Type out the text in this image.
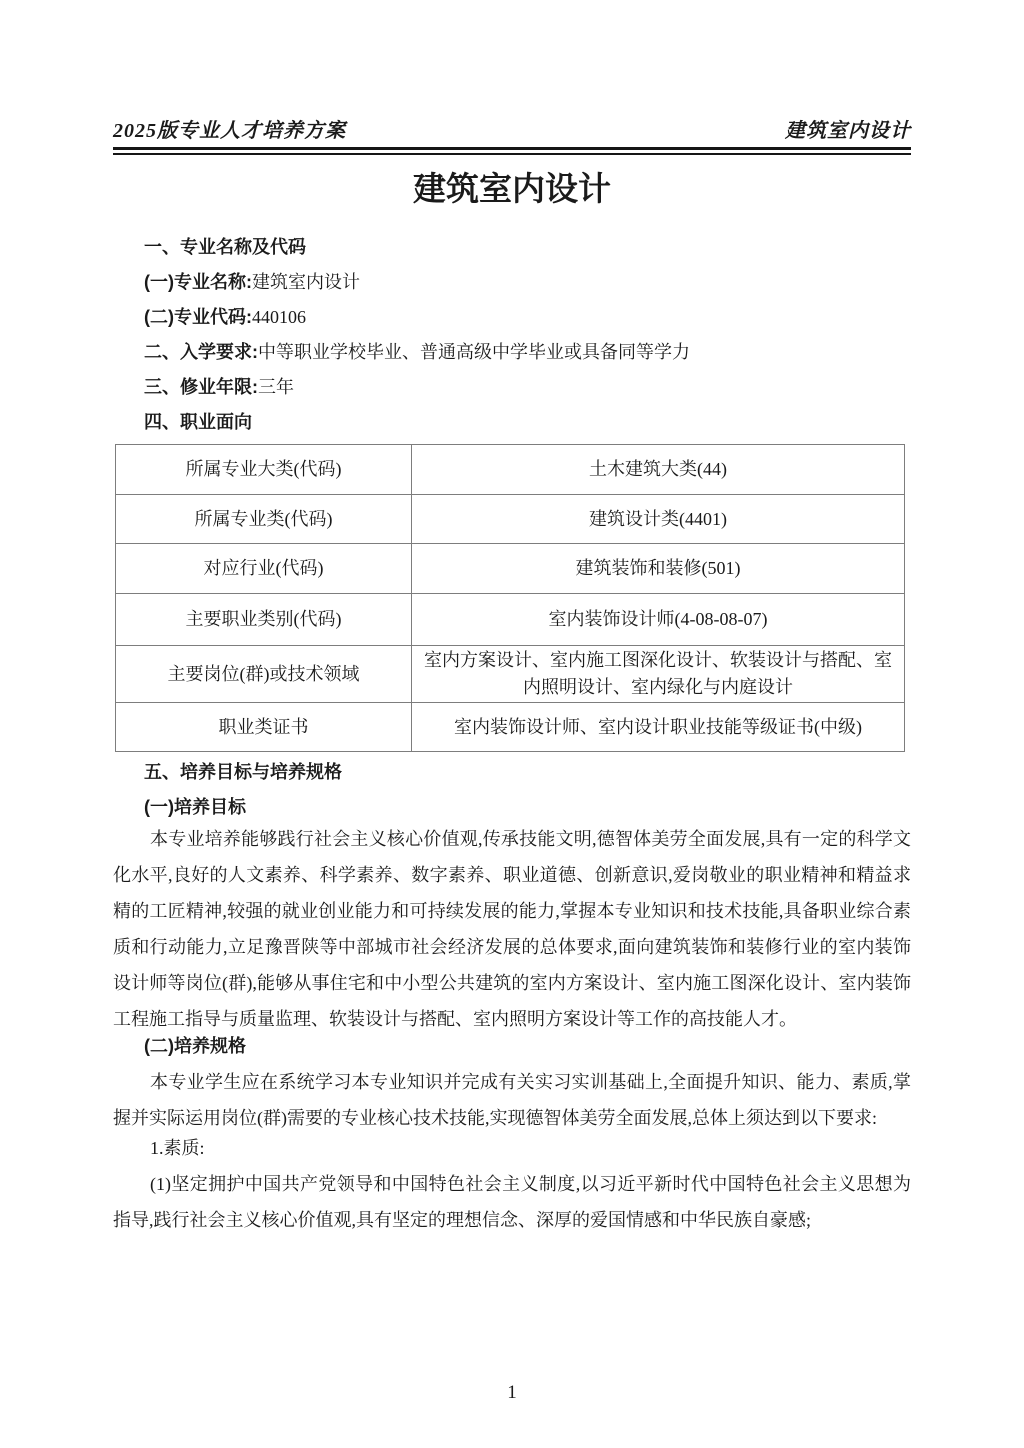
2025版专业人才培养方案	建筑室内设计
建筑室内设计
一、专业名称及代码
(一)专业名称:建筑室内设计
(二)专业代码:440106
二、入学要求:中等职业学校毕业、普通高级中学毕业或具备同等学力
三、修业年限:三年
四、职业面向
所属专业大类(代码)	土木建筑大类(44)
所属专业类(代码)	建筑设计类(4401)
对应行业(代码)	建筑装饰和装修(501)
主要职业类别(代码)	室内装饰设计师(4-08-08-07)
主要岗位(群)或技术领域	室内方案设计、室内施工图深化设计、软装设计与搭配、室内照明设计、室内绿化与内庭设计
职业类证书	室内装饰设计师、室内设计职业技能等级证书(中级)
五、培养目标与培养规格
(一)培养目标

本专业培养能够践行社会主义核心价值观,传承技能文明,德智体美劳全面发展,具有一定的科学文化水平,良好的人文素养、科学素养、数字素养、职业道德、创新意识,爱岗敬业的职业精神和精益求精的工匠精神,较强的就业创业能力和可持续发展的能力,掌握本专业知识和技术技能,具备职业综合素质和行动能力,立足豫晋陕等中部城市社会经济发展的总体要求,面向建筑装饰和装修行业的室内装饰设计师等岗位(群),能够从事住宅和中小型公共建筑的室内方案设计、室内施工图深化设计、室内装饰工程施工指导与质量监理、软装设计与搭配、室内照明方案设计等工作的高技能人才。

(二)培养规格

本专业学生应在系统学习本专业知识并完成有关实习实训基础上,全面提升知识、能力、素质,掌握并实际运用岗位(群)需要的专业核心技术技能,实现德智体美劳全面发展,总体上须达到以下要求:

1.素质:

(1)坚定拥护中国共产党领导和中国特色社会主义制度,以习近平新时代中国特色社会主义思想为指导,践行社会主义核心价值观,具有坚定的理想信念、深厚的爱国情感和中华民族自豪感;

1
